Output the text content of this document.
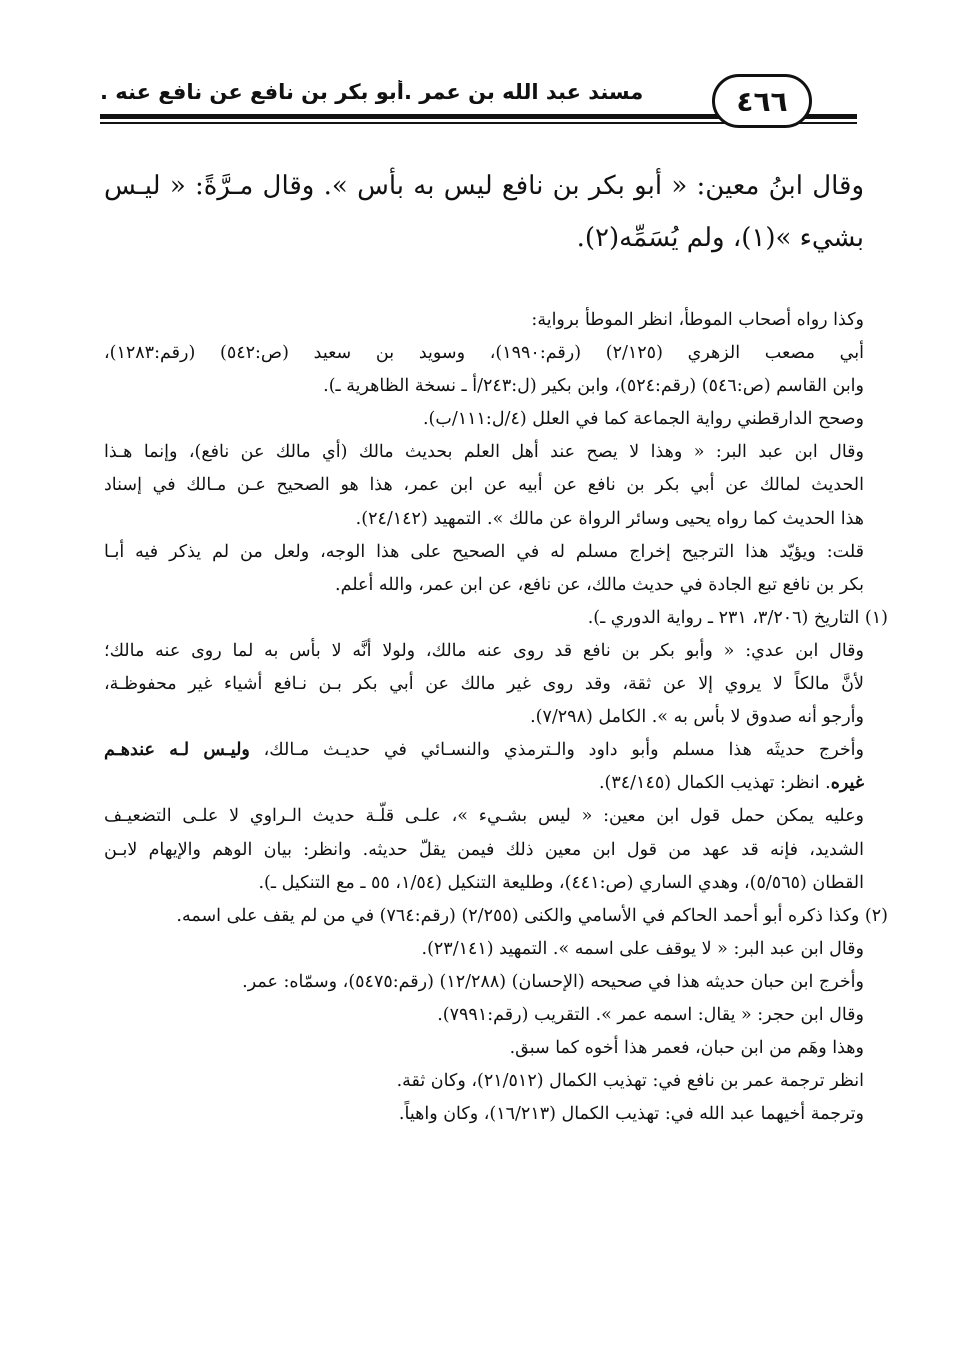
مسند عبد الله بن عمر .أبو بكر بن نافع عن نافع عنه .	٤٦٦

وقال ابنُ معين: « أبو بكر بن نافع ليس به بأس ». وقال مـرَّةً: « ليـس

بشيء »(١)، ولم يُسَمِّه(٢).

وكذا رواه أصحاب الموطأ، انظر الموطأ برواية:

أبي مصعب الزهري (٢/١٢٥) (رقم:١٩٩٠)، وسويد بن سعيد (ص:٥٤٢) (رقم:١٢٨٣)،

وابن القاسم (ص:٥٤٦) (رقم:٥٢٤)، وابن بكير (ل:٢٤٣/أ ـ نسخة الظاهرية ـ).

وصحح الدارقطني رواية الجماعة كما في العلل (٤/ل:١١١/ب).

وقال ابن عبد البر: « وهذا لا يصح عند أهل العلم بحديث مالك (أي مالك عن نافع)، وإنما هـذا

الحديث لمالك عن أبي بكر بن نافع عن أبيه عن ابن عمر، هذا هو الصحيح عـن مـالك في إسناد

هذا الحديث كما رواه يحيى وسائر الرواة عن مالك ». التمهيد (٢٤/١٤٢).

قلت: ويؤيّد هذا الترجيح إخراج مسلم له في الصحيح على هذا الوجه، ولعل من لم يذكر فيه أبـا

بكر بن نافع تبع الجادة في حديث مالك، عن نافع، عن ابن عمر، والله أعلم.

(١) التاريخ (٣/٢٠٦، ٢٣١ ـ رواية الدوري ـ).

وقال ابن عدي: « وأبو بكر بن نافع قد روى عنه مالك، ولولا أنَّه لا بأس به لما روى عنه مالك؛

لأنَّ مالكاً لا يروي إلا عن ثقة، وقد روى غير مالك عن أبي بكر بـن نـافع أشياء غير محفوظـة،

وأرجو أنه صدوق لا بأس به ». الكامل (٧/٢٩٨).

وأخرج حديثَه هذا مسلم وأبو داود والـترمذي والنسـائي في حديـث مـالك، وليـس لـه عندهـم

غيره. انظر: تهذيب الكمال (٣٤/١٤٥).

وعليه يمكن حمل قول ابن معين: « ليس بشـيء »، علـى قلّـة حديث الـراوي لا علـى التضعيـف

الشديد، فإنه قد عهد من قول ابن معين ذلك فيمن يقلّ حديثه. وانظر: بيان الوهم والإيهام لابـن

القطان (٥/٥٦٥)، وهدي الساري (ص:٤٤١)، وطليعة التنكيل (١/٥٤، ٥٥ ـ مع التنكيل ـ).

(٢) وكذا ذكره أبو أحمد الحاكم في الأسامي والكنى (٢/٢٥٥) (رقم:٧٦٤) في من لم يقف على اسمه.

وقال ابن عبد البر: « لا يوقف على اسمه ». التمهيد (٢٣/١٤١).

وأخرج ابن حبان حديثه هذا في صحيحه (الإحسان) (١٢/٢٨٨) (رقم:٥٤٧٥)، وسمّاه: عمر.

وقال ابن حجر: « يقال: اسمه عمر ». التقريب (رقم:٧٩٩١).

وهذا وهَم من ابن حبان، فعمر هذا أخوه كما سبق.

انظر ترجمة عمر بن نافع في: تهذيب الكمال (٢١/٥١٢)، وكان ثقة.

وترجمة أخيهما عبد الله في: تهذيب الكمال (١٦/٢١٣)، وكان واهياً.
